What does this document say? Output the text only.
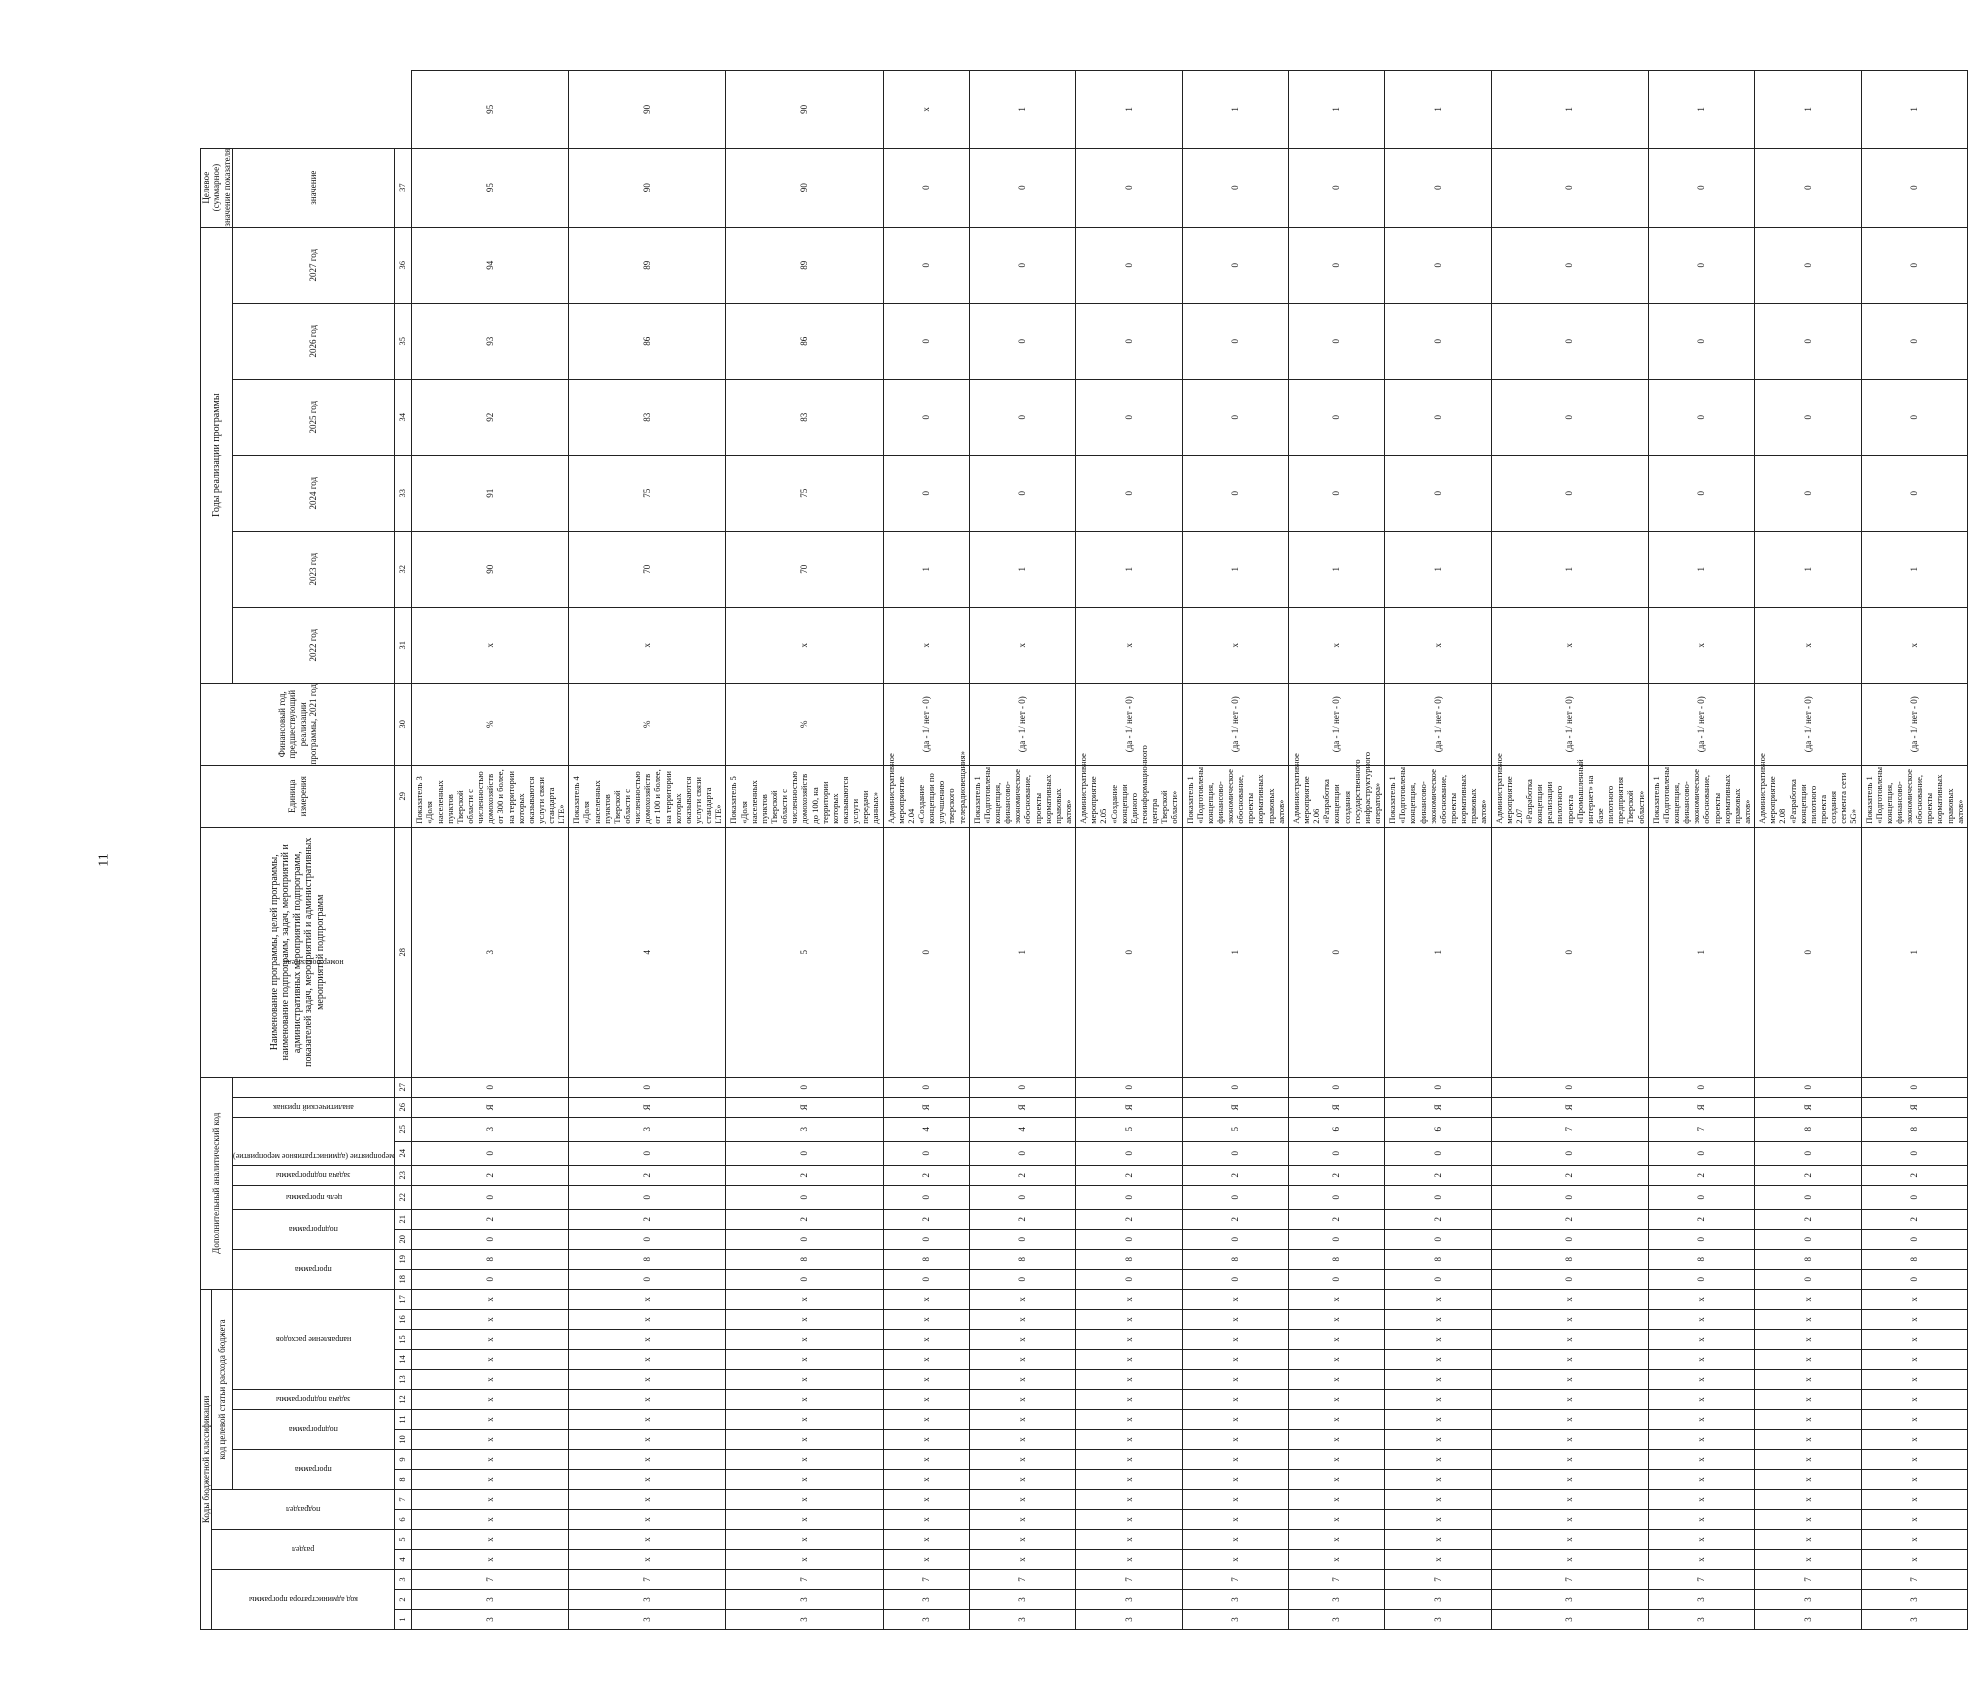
11
Коды бюджетной классификации																	Дополнительный аналитический код										Наименование программы, целей программы, наименование подпрограмм, задач, мероприятий и административных мероприятий подпрограмм, показателей задач, мероприятий и административных мероприятий подпрограмм	Единица измерения	Финансовый год, предшествующий реализации программы, 2021 год	Годы реализации программы						Целевое (суммарное) значение показателя	

код администратора программы			раздел		подраздел		код целевой статьи расхода бюджета																														

							программа		подпрограмма		задача подпрограммы	направление расходов					программа		подпрограмма		цель программы	задача подпрограммы	мероприятие (административное мероприятие)		аналитический признак	номер показателя				2022 год	2023 год	2024 год	2025 год	2026 год	2027 год	значение	
1	2	3	4	5	6	7	8	9	10	11	12	13	14	15	16	17	18	19	20	21	22	23	24	25	26	27	28	29	30	31	32	33	34	35	36	37	
3	3	7	х	х	х	х	х	х	х	х	х	х	х	х	х	х	0	8	0	2	0	2	0	3	Я	0	3	Показатель 3 «Доля населенных пунктов Тверской области с численностью домохозяйств от 300 и более, на территории которых оказываются услуги связи стандарта LTE»	%	х	90	91	92	93	94	95	95
3	3	7	х	х	х	х	х	х	х	х	х	х	х	х	х	х	0	8	0	2	0	2	0	3	Я	0	4	Показатель 4 «Доля населенных пунктов Тверской области с численностью домохозяйств от 100 и более, на территории которых оказываются услуги связи стандарта LTE»	%	х	70	75	83	86	89	90	90
3	3	7	х	х	х	х	х	х	х	х	х	х	х	х	х	х	0	8	0	2	0	2	0	3	Я	0	5	Показатель 5 «Доля населенных пунктов Тверской области с численностью домохозяйств до 100, на территории которых оказываются услуги передачи данных»	%	х	70	75	83	86	89	90	90
3	3	7	х	х	х	х	х	х	х	х	х	х	х	х	х	х	0	8	0	2	0	2	0	4	Я	0	0	Административное мероприятие 2.04 «Создание концепции по улучшению тверского телерадиовещания»	(да - 1/ нет - 0)	х	1	0	0	0	0	0	х
3	3	7	х	х	х	х	х	х	х	х	х	х	х	х	х	х	0	8	0	2	0	2	0	4	Я	0	1	Показатель 1 «Подготовлены концепция, финансово-экономическое обоснование, проекты нормативных правовых актов»	(да - 1/ нет - 0)	х	1	0	0	0	0	0	1
3	3	7	х	х	х	х	х	х	х	х	х	х	х	х	х	х	0	8	0	2	0	2	0	5	Я	0	0	Административное мероприятие 2.05 «Создание концепции Единого геоинформационного центра Тверской области»	(да - 1/ нет - 0)	х	1	0	0	0	0	0	1
3	3	7	х	х	х	х	х	х	х	х	х	х	х	х	х	х	0	8	0	2	0	2	0	5	Я	0	1	Показатель 1 «Подготовлены концепция, финансово-экономическое обоснование, проекты нормативных правовых актов»	(да - 1/ нет - 0)	х	1	0	0	0	0	0	1
3	3	7	х	х	х	х	х	х	х	х	х	х	х	х	х	х	0	8	0	2	0	2	0	6	Я	0	0	Административное мероприятие 2.06 «Разработка концепции создания государственного инфраструктурного оператора»	(да - 1/ нет - 0)	х	1	0	0	0	0	0	1
3	3	7	х	х	х	х	х	х	х	х	х	х	х	х	х	х	0	8	0	2	0	2	0	6	Я	0	1	Показатель 1 «Подготовлены концепция, финансово-экономическое обоснование, проекты нормативных правовых актов»	(да - 1/ нет - 0)	х	1	0	0	0	0	0	1
3	3	7	х	х	х	х	х	х	х	х	х	х	х	х	х	х	0	8	0	2	0	2	0	7	Я	0	0	Административное мероприятие 2.07 «Разработка концепции реализации пилотного проекта «Промышленный интернет» на базе пилотного предприятия Тверской области»	(да - 1/ нет - 0)	х	1	0	0	0	0	0	1
3	3	7	х	х	х	х	х	х	х	х	х	х	х	х	х	х	0	8	0	2	0	2	0	7	Я	0	1	Показатель 1 «Подготовлены концепция, финансово-экономическое обоснование, проекты нормативных правовых актов»	(да - 1/ нет - 0)	х	1	0	0	0	0	0	1
3	3	7	х	х	х	х	х	х	х	х	х	х	х	х	х	х	0	8	0	2	0	2	0	8	Я	0	0	Административное мероприятие 2.08 «Разработка концепции пилотного проекта создания сегмента сети 5G»	(да - 1/ нет - 0)	х	1	0	0	0	0	0	1
3	3	7	х	х	х	х	х	х	х	х	х	х	х	х	х	х	0	8	0	2	0	2	0	8	Я	0	1	Показатель 1 «Подготовлены концепция, финансово-экономическое обоснование, проекты нормативных правовых актов»	(да - 1/ нет - 0)	х	1	0	0	0	0	0	1
